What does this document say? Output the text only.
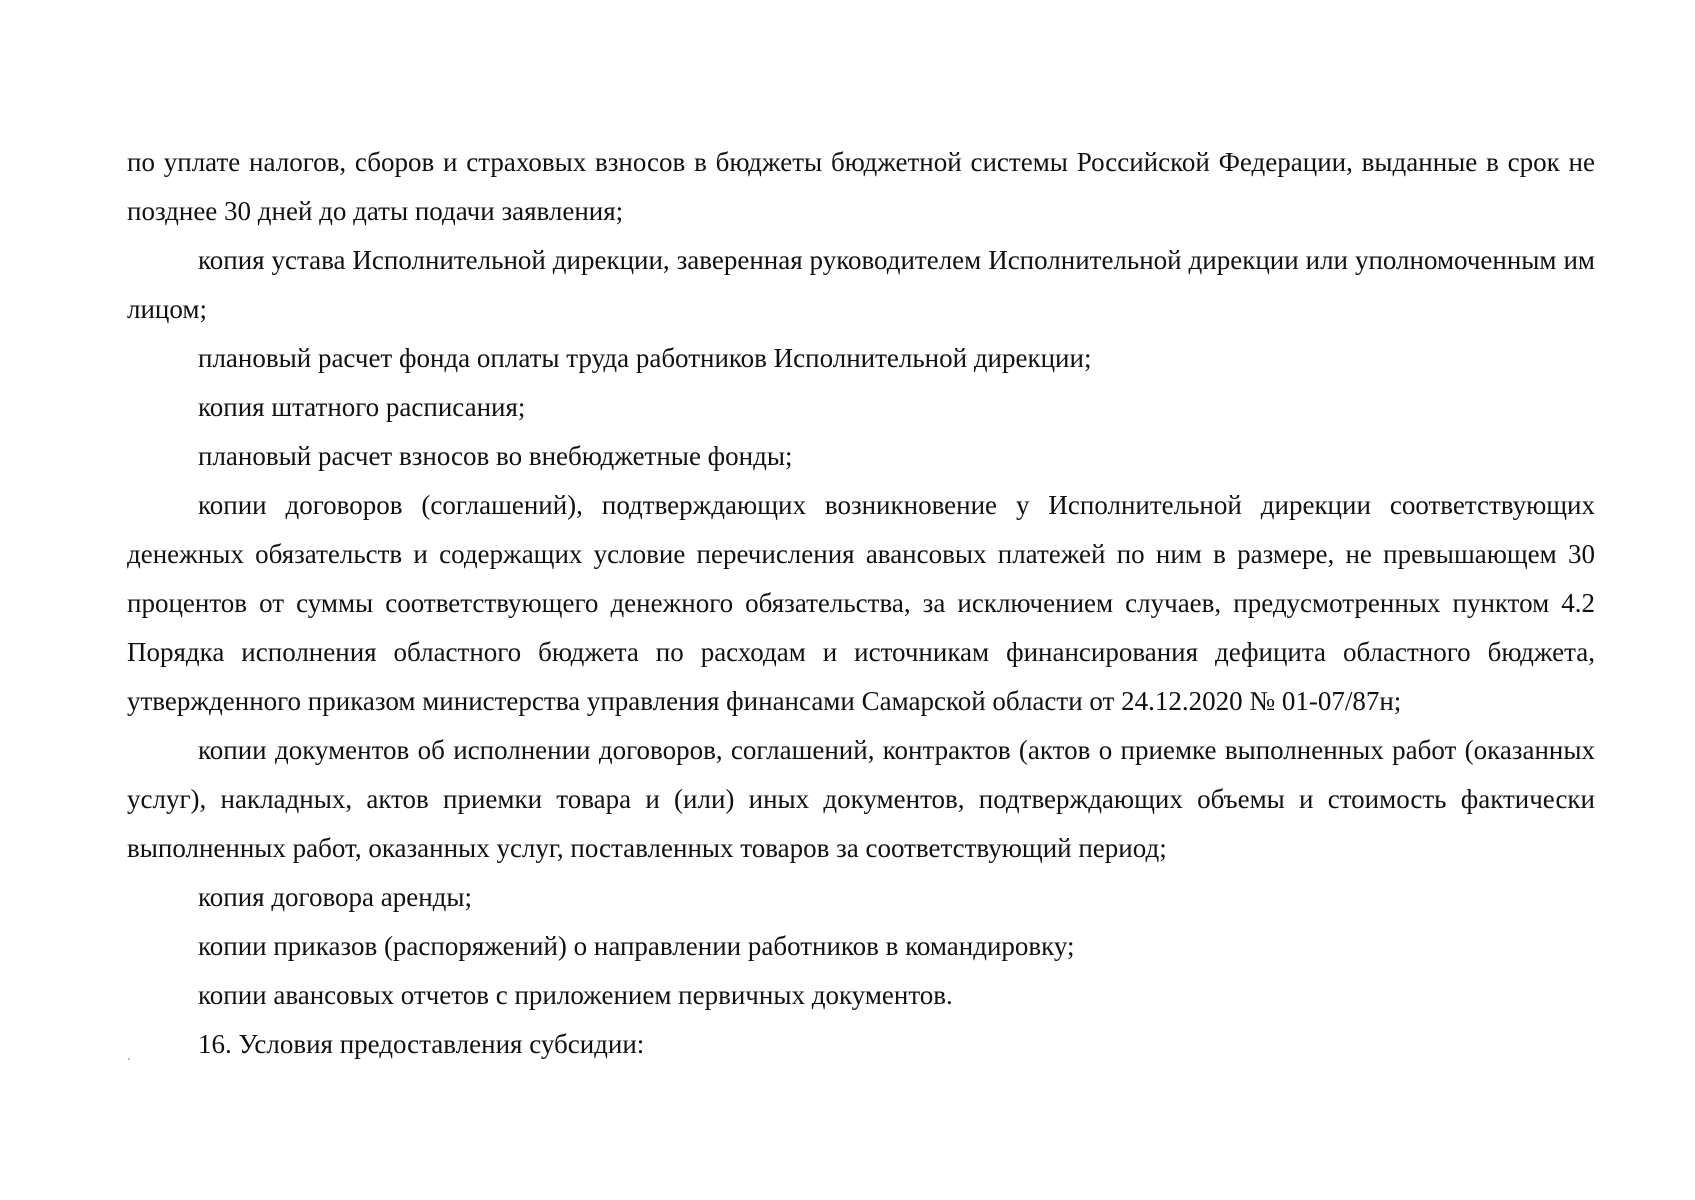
по уплате налогов, сборов и страховых взносов в бюджеты бюджетной системы Российской Федерации, выданные в срок не позднее 30 дней до даты подачи заявления;

копия устава Исполнительной дирекции, заверенная руководителем Исполнительной дирекции или уполномоченным им лицом;

плановый расчет фонда оплаты труда работников Исполнительной дирекции;

копия штатного расписания;

плановый расчет взносов во внебюджетные фонды;

копии договоров (соглашений), подтверждающих возникновение у Исполнительной дирекции соответствующих денежных обязательств и содержащих условие перечисления авансовых платежей по ним в размере, не превышающем 30 процентов от суммы соответствующего денежного обязательства, за исключением случаев, предусмотренных пунктом 4.2 Порядка исполнения областного бюджета по расходам и источникам финансирования дефицита областного бюджета, утвержденного приказом министерства управления финансами Самарской области от 24.12.2020 № 01-07/87н;

копии документов об исполнении договоров, соглашений, контрактов (актов о приемке выполненных работ (оказанных услуг), накладных, актов приемки товара и (или) иных документов, подтверждающих объемы и стоимость фактически выполненных работ, оказанных услуг, поставленных товаров за соответствующий период;

копия договора аренды;

копии приказов (распоряжений) о направлении работников в командировку;

копии авансовых отчетов с приложением первичных документов.

16. Условия предоставления субсидии:
